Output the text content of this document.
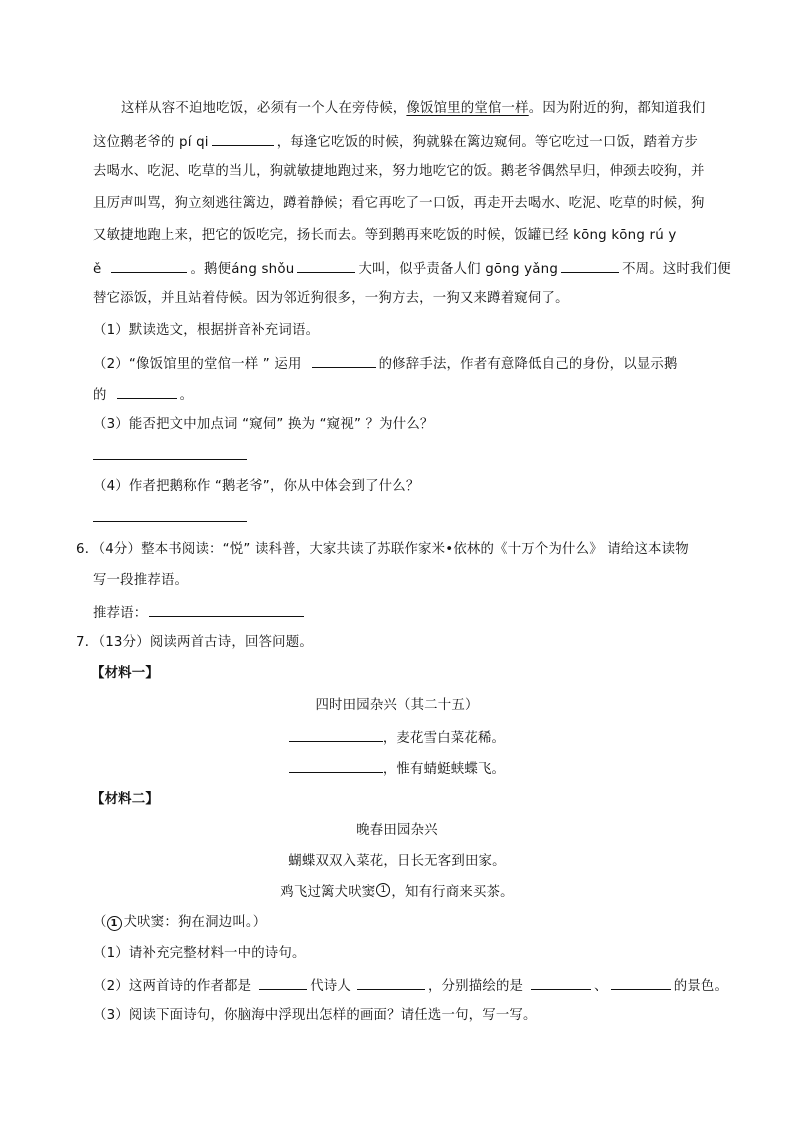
这样从容不迫地吃饭，必须有一个人在旁侍候，像饭馆里的堂倌一样。因为附近的狗，都知道我们
这位鹅老爷的 pí qi	，每逢它吃饭的时候，狗就躲在篱边窥伺。等它吃过一口饭，踏着方步
去喝水、吃泥、吃草的当儿，狗就敏捷地跑过来，努力地吃它的饭。鹅老爷偶然早归，伸颈去咬狗，并
且厉声叫骂，狗立刻逃往篱边，蹲着静候；看它再吃了一口饭，再走开去喝水、吃泥、吃草的时候，狗
又敏捷地跑上来，把它的饭吃完，扬长而去。等到鹅再来吃饭的时候，饭罐已经 kōng kōng rú y
ě	。鹅便áng shǒu	大叫，似乎责备人们 gōng yǎng	不周。这时我们便
替它添饭，并且站着侍候。因为邻近狗很多，一狗方去，一狗又来蹲着窥伺了。
（1）默读选文，根据拼音补充词语。
（2）“像饭馆里的堂倌一样 ” 运用	的修辞手法，作者有意降低自己的身份，以显示鹅
的	。
（3）能否把文中加点词 “窥伺” 换为 “窥视” ？为什么？
（4）作者把鹅称作 “鹅老爷”，你从中体会到了什么？
6．（4分）整本书阅读：“悦” 读科普，大家共读了苏联作家米•依林的《十万个为什么》 请给这本读物
写一段推荐语。
推荐语：
7．（13分）阅读两首古诗，回答问题。
【材料一】
四时田园杂兴（其二十五）
，麦花雪白菜花稀。
，惟有蜻蜓蛱蝶飞。
【材料二】
晚春田园杂兴
蝴蝶双双入菜花，日长无客到田家。
鸡飞过篱犬吠窦 1 ，知有行商来买茶。
（ 1 犬吠窦：狗在洞边叫。）
（1）请补充完整材料一中的诗句。
（2）这两首诗的作者都是	代诗人	，分别描绘的是	、	的景色。
（3）阅读下面诗句，你脑海中浮现出怎样的画面？请任选一句，写一写。
